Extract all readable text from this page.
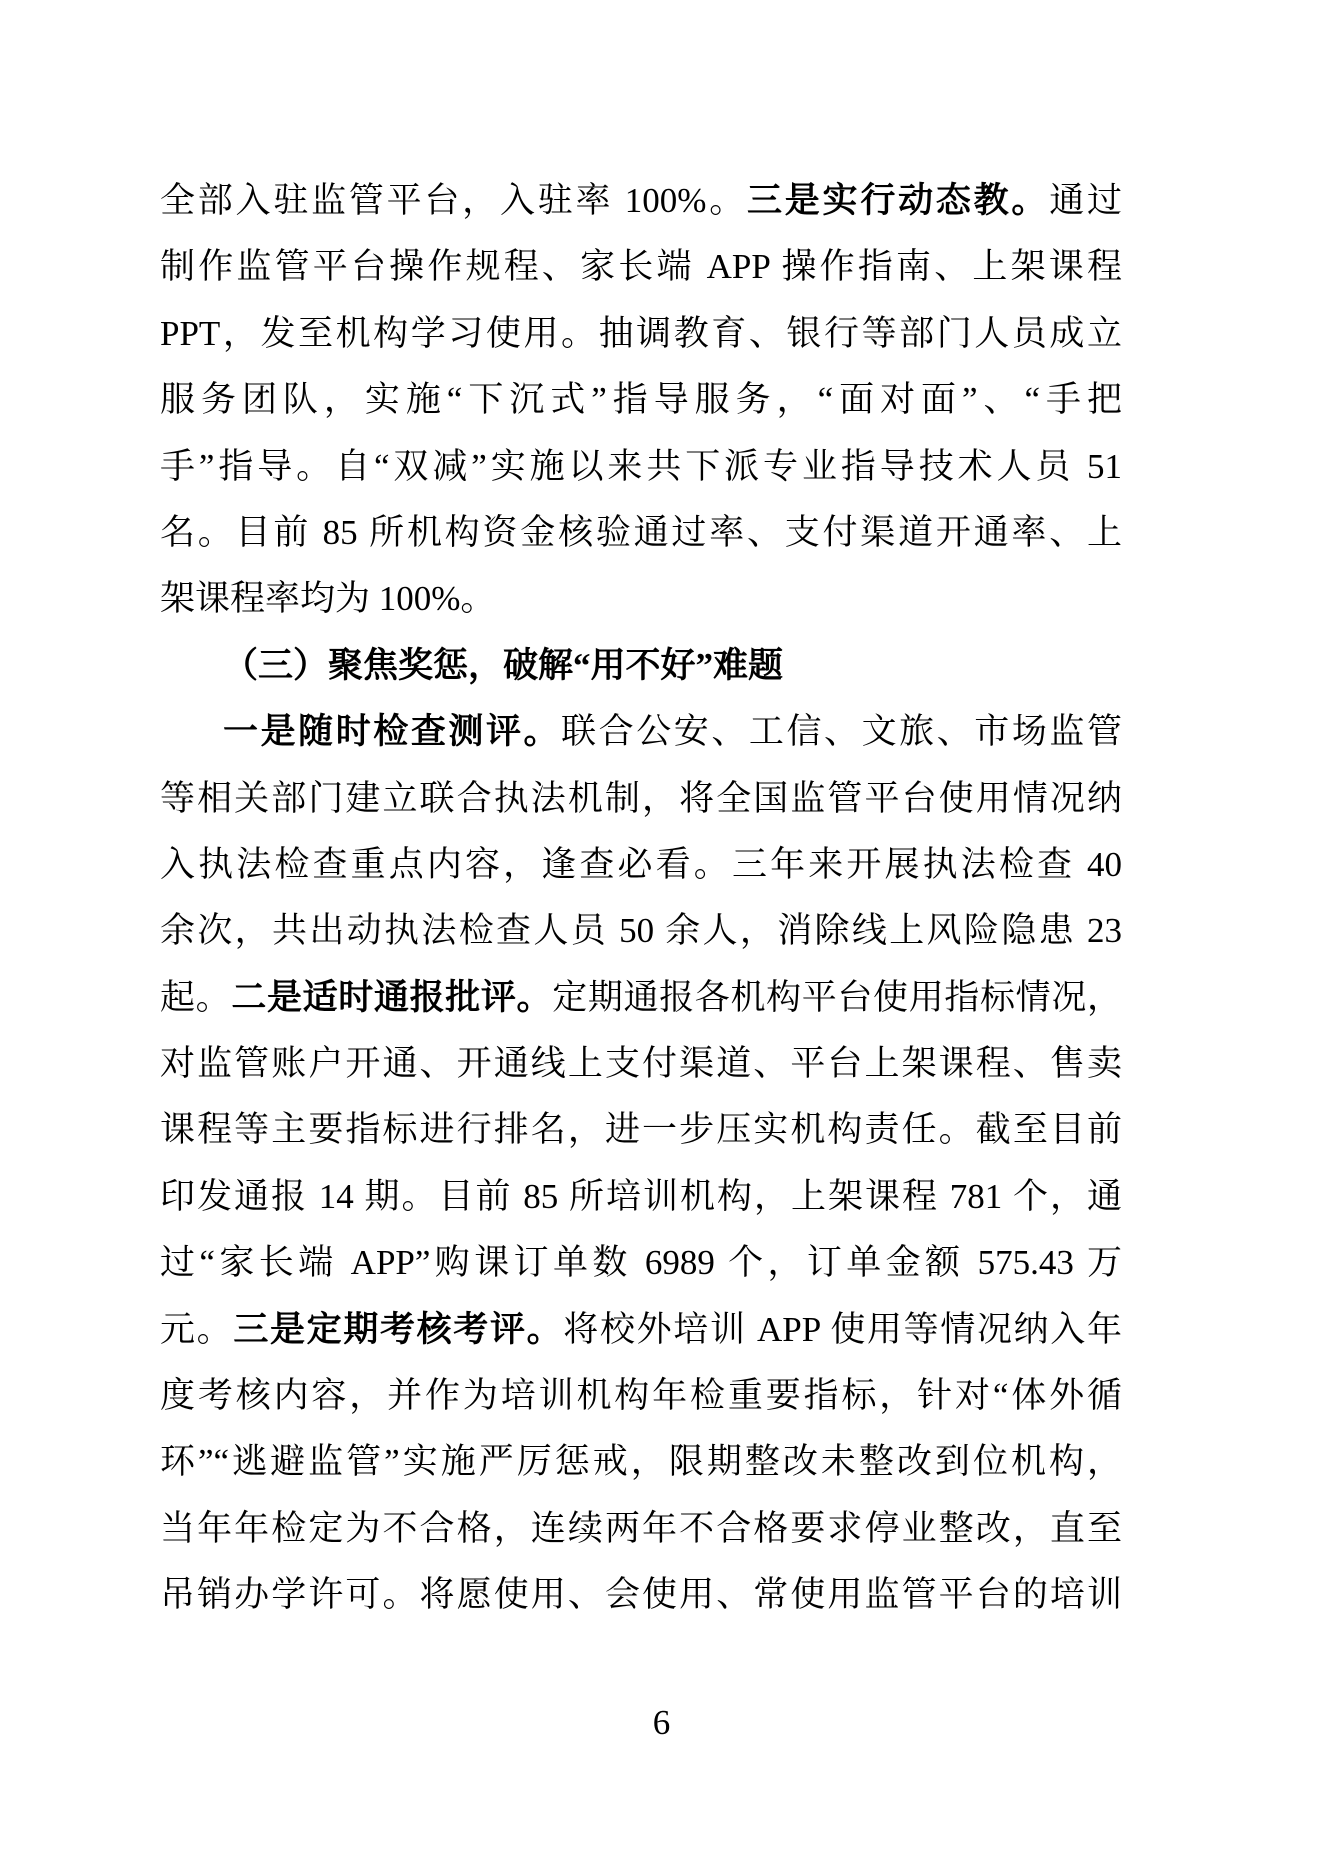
全部入驻监管平台，入驻率 100%。三是实行动态教。通过
制作监管平台操作规程、家长端 APP 操作指南、上架课程
PPT，发至机构学习使用。抽调教育、银行等部门人员成立
服务团队，实施“下沉式”指导服务，“面对面”、“手把
手”指导。自“双减”实施以来共下派专业指导技术人员 51
名。目前 85 所机构资金核验通过率、支付渠道开通率、上
架课程率均为 100%。
（三）聚焦奖惩，破解“用不好”难题
一是随时检查测评。联合公安、工信、文旅、市场监管
等相关部门建立联合执法机制，将全国监管平台使用情况纳
入执法检查重点内容，逢查必看。三年来开展执法检查 40
余次，共出动执法检查人员 50 余人，消除线上风险隐患 23
起。二是适时通报批评。定期通报各机构平台使用指标情况，
对监管账户开通、开通线上支付渠道、平台上架课程、售卖
课程等主要指标进行排名，进一步压实机构责任。截至目前
印发通报 14 期。目前 85 所培训机构，上架课程 781 个，通
过“家长端 APP”购课订单数 6989 个，订单金额 575.43 万
元。三是定期考核考评。将校外培训 APP 使用等情况纳入年
度考核内容，并作为培训机构年检重要指标，针对“体外循
环”“逃避监管”实施严厉惩戒，限期整改未整改到位机构，
当年年检定为不合格，连续两年不合格要求停业整改，直至
吊销办学许可。将愿使用、会使用、常使用监管平台的培训
6
